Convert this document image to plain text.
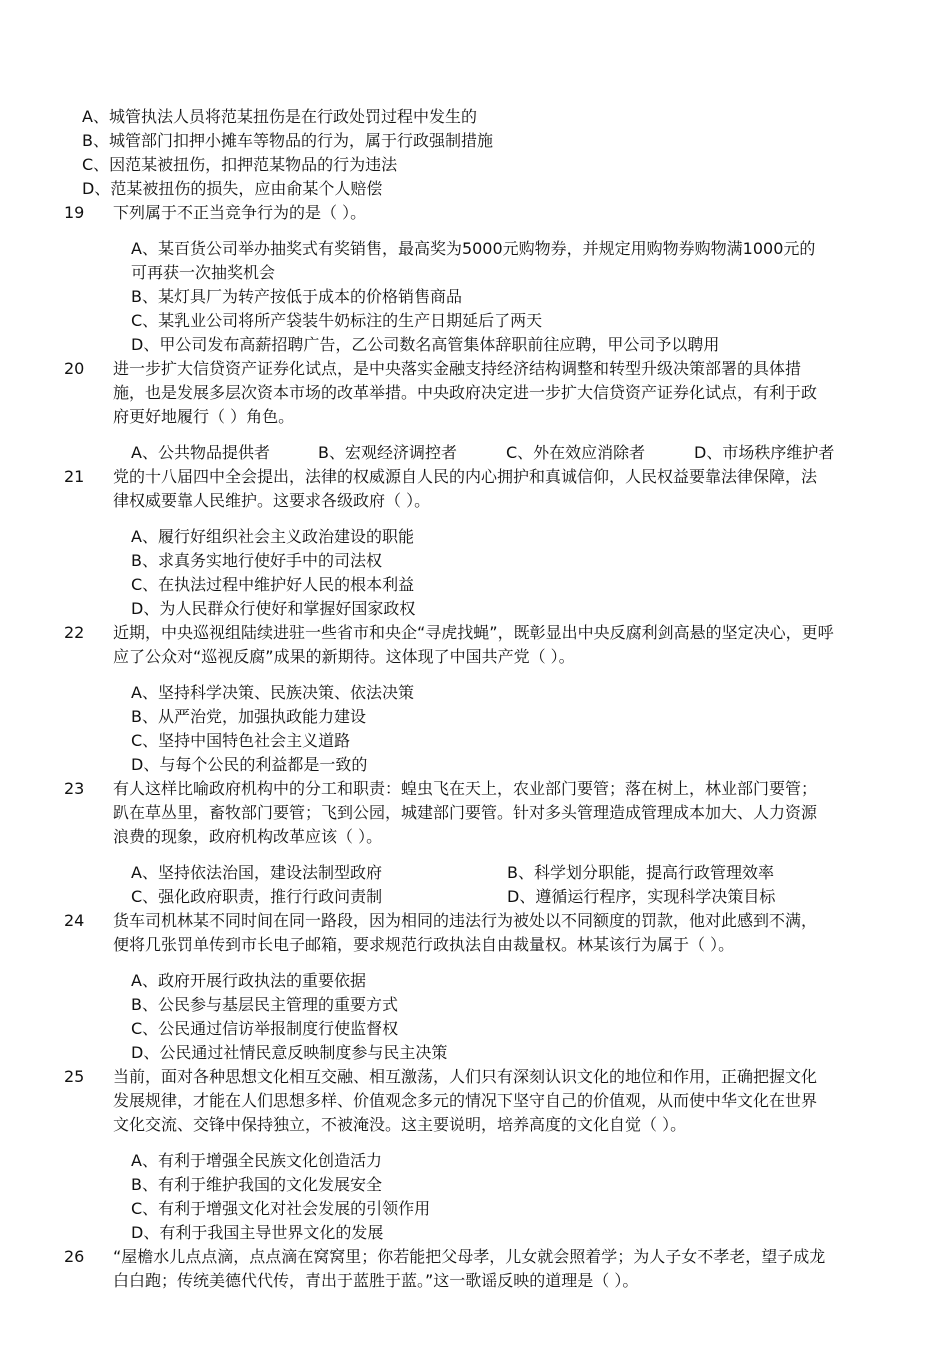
A、城管执法人员将范某扭伤是在行政处罚过程中发生的
B、城管部门扣押小摊车等物品的行为，属于行政强制措施
C、因范某被扭伤，扣押范某物品的行为违法
D、范某被扭伤的损失，应由俞某个人赔偿
19	下列属于不正当竞争行为的是（ ）。
A、某百货公司举办抽奖式有奖销售，最高奖为5000元购物券，并规定用购物券购物满1000元的
可再获一次抽奖机会
B、某灯具厂为转产按低于成本的价格销售商品
C、某乳业公司将所产袋装牛奶标注的生产日期延后了两天
D、甲公司发布高薪招聘广告，乙公司数名高管集体辞职前往应聘，甲公司予以聘用
20	进一步扩大信贷资产证券化试点，是中央落实金融支持经济结构调整和转型升级决策部署的具体措
施，也是发展多层次资本市场的改革举措。中央政府决定进一步扩大信贷资产证券化试点，有利于政
府更好地履行（ ）角色。
A、公共物品提供者	B、宏观经济调控者	C、外在效应消除者	D、市场秩序维护者
21	党的十八届四中全会提出，法律的权威源自人民的内心拥护和真诚信仰，人民权益要靠法律保障，法
律权威要靠人民维护。这要求各级政府（ ）。
A、履行好组织社会主义政治建设的职能
B、求真务实地行使好手中的司法权
C、在执法过程中维护好人民的根本利益
D、为人民群众行使好和掌握好国家政权
22	近期，中央巡视组陆续进驻一些省市和央企“寻虎找蝇”，既彰显出中央反腐利剑高悬的坚定决心，更呼
应了公众对“巡视反腐”成果的新期待。这体现了中国共产党（ ）。
A、坚持科学决策、民族决策、依法决策
B、从严治党，加强执政能力建设
C、坚持中国特色社会主义道路
D、与每个公民的利益都是一致的
23	有人这样比喻政府机构中的分工和职责：蝗虫飞在天上，农业部门要管；落在树上，林业部门要管；
趴在草丛里，畜牧部门要管；飞到公园，城建部门要管。针对多头管理造成管理成本加大、人力资源
浪费的现象，政府机构改革应该（ ）。
A、坚持依法治国，建设法制型政府	B、科学划分职能，提高行政管理效率
C、强化政府职责，推行行政问责制	D、遵循运行程序，实现科学决策目标
24	货车司机林某不同时间在同一路段，因为相同的违法行为被处以不同额度的罚款，他对此感到不满，
便将几张罚单传到市长电子邮箱，要求规范行政执法自由裁量权。林某该行为属于（ ）。
A、政府开展行政执法的重要依据
B、公民参与基层民主管理的重要方式
C、公民通过信访举报制度行使监督权
D、公民通过社情民意反映制度参与民主决策
25	当前，面对各种思想文化相互交融、相互激荡，人们只有深刻认识文化的地位和作用，正确把握文化
发展规律，才能在人们思想多样、价值观念多元的情况下坚守自己的价值观，从而使中华文化在世界
文化交流、交锋中保持独立，不被淹没。这主要说明，培养高度的文化自觉（ ）。
A、有利于增强全民族文化创造活力
B、有利于维护我国的文化发展安全
C、有利于增强文化对社会发展的引领作用
D、有利于我国主导世界文化的发展
26	“屋檐水儿点点滴，点点滴在窝窝里；你若能把父母孝，儿女就会照着学；为人子女不孝老，望子成龙
白白跑；传统美德代代传，青出于蓝胜于蓝。”这一歌谣反映的道理是（ ）。
